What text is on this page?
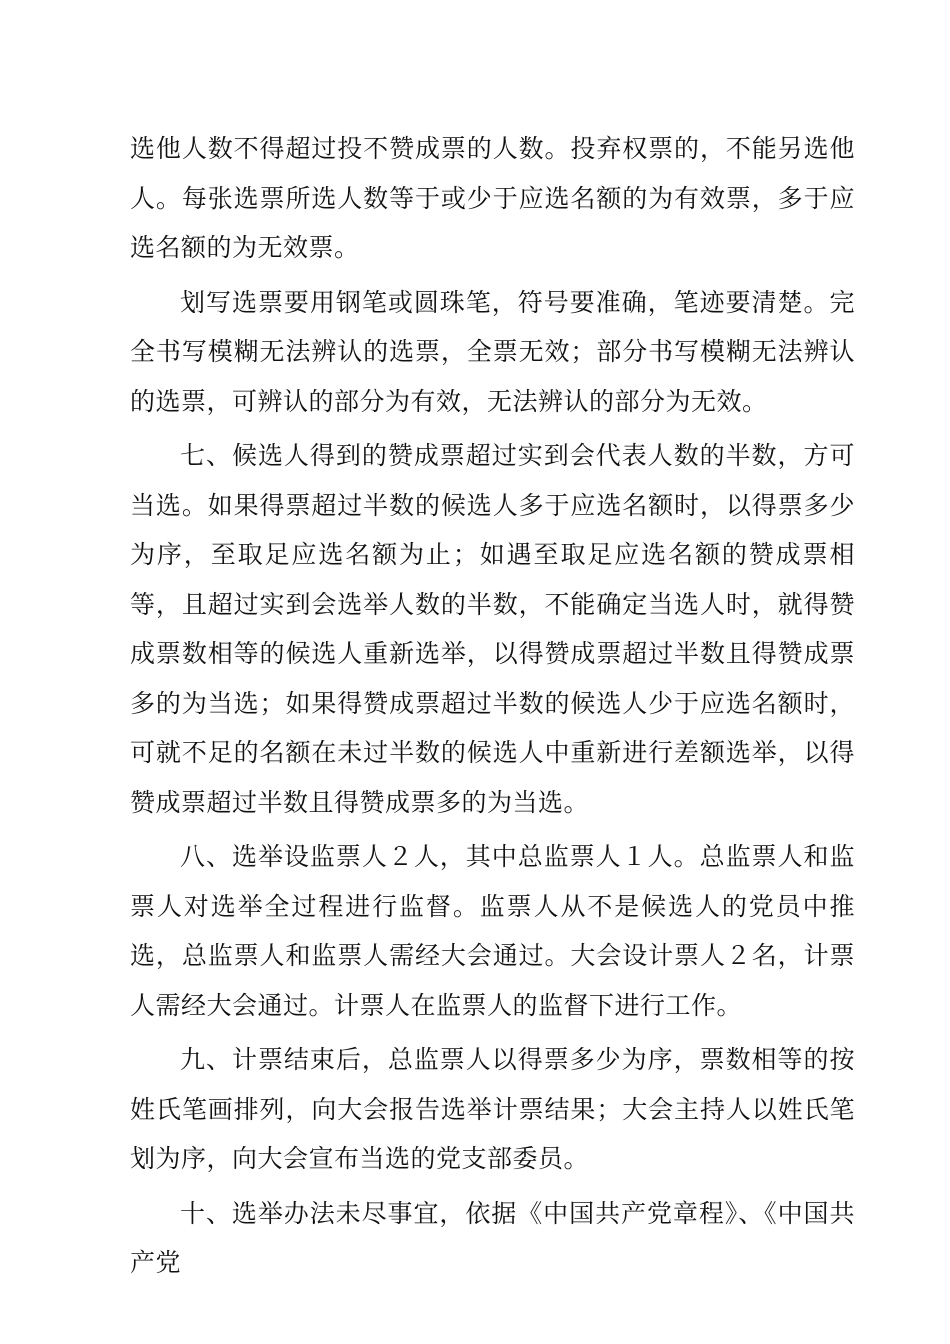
选他人数不得超过投不赞成票的人数。投弃权票的，不能另选他人。每张选票所选人数等于或少于应选名额的为有效票，多于应选名额的为无效票。

划写选票要用钢笔或圆珠笔，符号要准确，笔迹要清楚。完全书写模糊无法辨认的选票，全票无效；部分书写模糊无法辨认的选票，可辨认的部分为有效，无法辨认的部分为无效。

七、候选人得到的赞成票超过实到会代表人数的半数，方可当选。如果得票超过半数的候选人多于应选名额时，以得票多少为序，至取足应选名额为止；如遇至取足应选名额的赞成票相等，且超过实到会选举人数的半数，不能确定当选人时，就得赞成票数相等的候选人重新选举，以得赞成票超过半数且得赞成票多的为当选；如果得赞成票超过半数的候选人少于应选名额时，可就不足的名额在未过半数的候选人中重新进行差额选举，以得赞成票超过半数且得赞成票多的为当选。

八、选举设监票人２人，其中总监票人１人。总监票人和监票人对选举全过程进行监督。监票人从不是候选人的党员中推选，总监票人和监票人需经大会通过。大会设计票人２名，计票人需经大会通过。计票人在监票人的监督下进行工作。

九、计票结束后，总监票人以得票多少为序，票数相等的按姓氏笔画排列，向大会报告选举计票结果；大会主持人以姓氏笔划为序，向大会宣布当选的党支部委员。

十、选举办法未尽事宜，依据《中国共产党章程》、《中国共产党
